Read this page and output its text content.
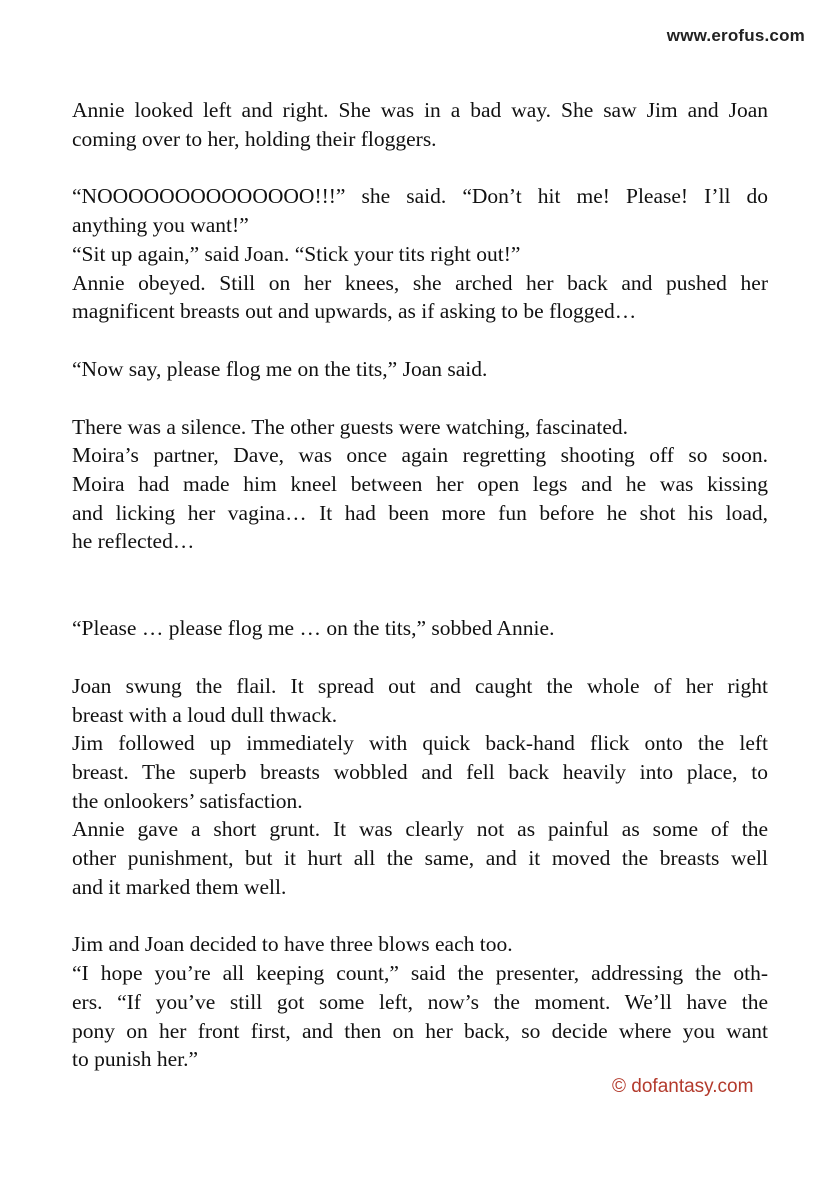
www.erofus.com
Annie looked left and right. She was in a bad way. She saw Jim and Joan
coming over to her, holding their floggers.
“NOOOOOOOOOOOOOO!!!” she said. “Don’t hit me! Please! I’ll do
anything you want!”
“Sit up again,” said Joan. “Stick your tits right out!”
Annie obeyed. Still on her knees, she arched her back and pushed her
magnificent breasts out and upwards, as if asking to be flogged…
“Now say, please flog me on the tits,” Joan said.
There was a silence. The other guests were watching, fascinated.
Moira’s partner, Dave, was once again regretting shooting off so soon.
Moira had made him kneel between her open legs and he was kissing
and licking her vagina… It had been more fun before he shot his load,
he reflected…
“Please … please flog me … on the tits,” sobbed Annie.
Joan swung the flail. It spread out and caught the whole of her right
breast with a loud dull thwack.
Jim followed up immediately with quick back-hand flick onto the left
breast. The superb breasts wobbled and fell back heavily into place, to
the onlookers’ satisfaction.
Annie gave a short grunt. It was clearly not as painful as some of the
other punishment, but it hurt all the same, and it moved the breasts well
and it marked them well.
Jim and Joan decided to have three blows each too.
“I hope you’re all keeping count,” said the presenter, addressing the oth-
ers. “If you’ve still got some left, now’s the moment. We’ll have the
pony on her front first, and then on her back, so decide where you want
to punish her.”
© dofantasy.com
